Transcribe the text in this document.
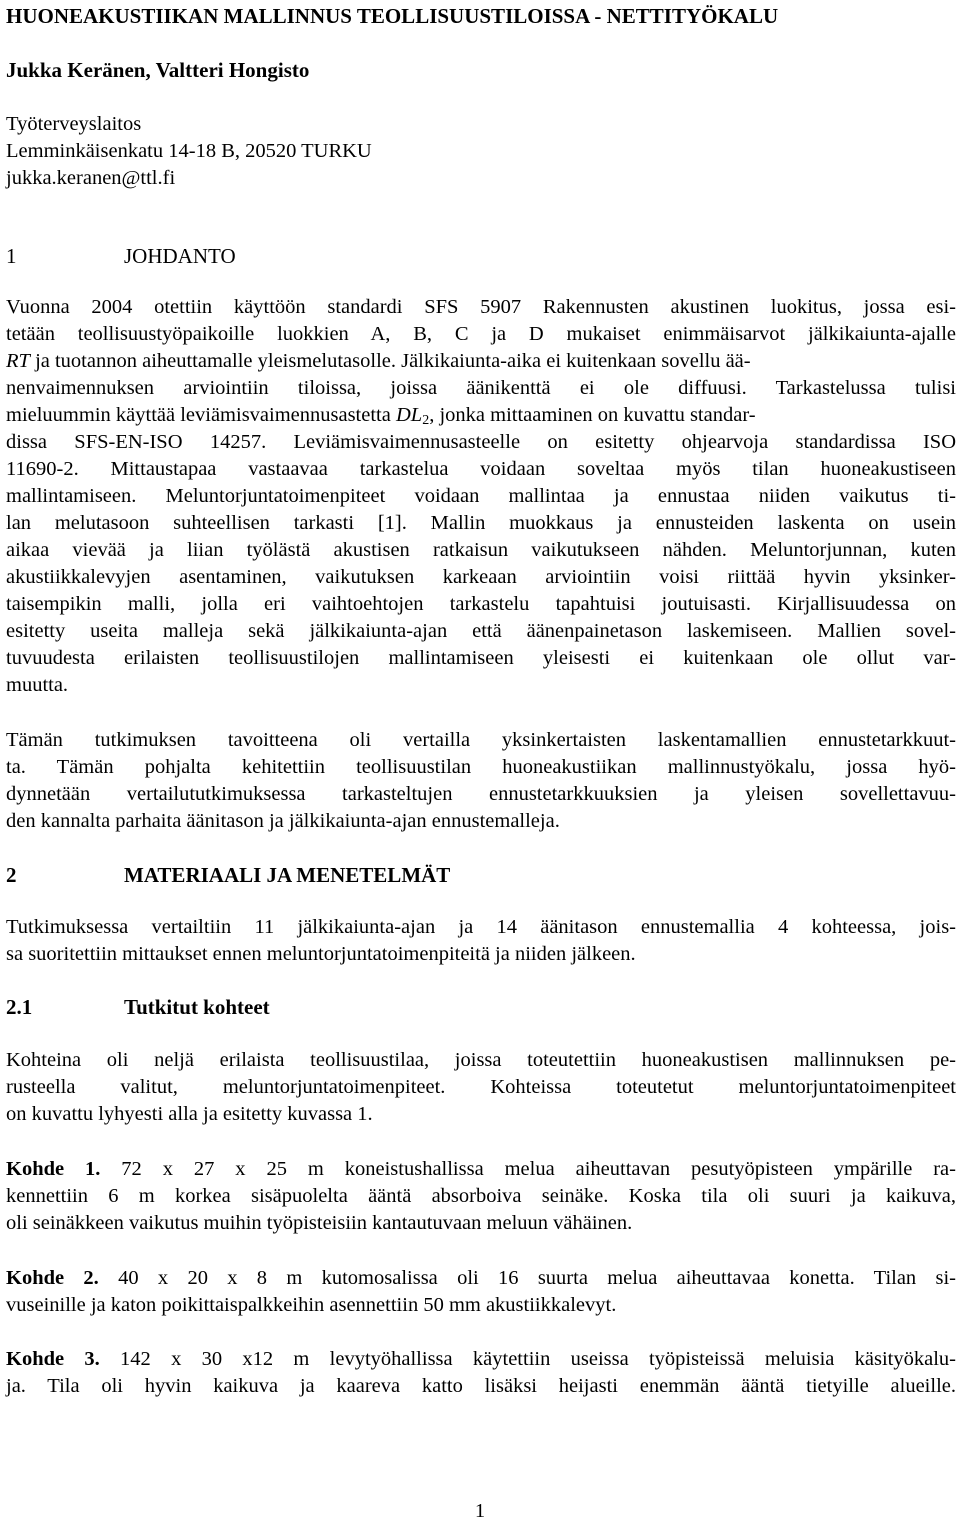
HUONEAKUSTIIKAN MALLINNUS TEOLLISUUSTILOISSA - NETTITYÖKALU
Jukka Keränen, Valtteri Hongisto
Työterveyslaitos
Lemminkäisenkatu 14-18 B, 20520 TURKU
jukka.keranen@ttl.fi
1	JOHDANTO
Vuonna 2004 otettiin käyttöön standardi SFS 5907 Rakennusten akustinen luokitus, jossa esi-
tetään teollisuustyöpaikoille luokkien A, B, C ja D mukaiset enimmäisarvot jälkikaiunta-ajalle
RT ja tuotannon aiheuttamalle yleismelutasolle. Jälkikaiunta-aika ei kuitenkaan sovellu ää-
nenvaimennuksen arviointiin tiloissa, joissa äänikenttä ei ole diffuusi. Tarkastelussa tulisi
mieluummin käyttää leviämisvaimennusastetta $DL_2$, jonka mittaaminen on kuvattu standar-
dissa SFS-EN-ISO 14257. Leviämisvaimennusasteelle on esitetty ohjearvoja standardissa ISO
11690-2. Mittaustapaa vastaavaa tarkastelua voidaan soveltaa myös tilan huoneakustiseen
mallintamiseen. Meluntorjuntatoimenpiteet voidaan mallintaa ja ennustaa niiden vaikutus ti-
lan melutasoon suhteellisen tarkasti [1]. Mallin muokkaus ja ennusteiden laskenta on usein
aikaa vievää ja liian työlästä akustisen ratkaisun vaikutukseen nähden. Meluntorjunnan, kuten
akustiikkalevyjen asentaminen, vaikutuksen karkeaan arviointiin voisi riittää hyvin yksinker-
taisempikin malli, jolla eri vaihtoehtojen tarkastelu tapahtuisi joutuisasti. Kirjallisuudessa on
esitetty useita malleja sekä jälkikaiunta-ajan että äänenpainetason laskemiseen. Mallien sovel-
tuvuudesta erilaisten teollisuustilojen mallintamiseen yleisesti ei kuitenkaan ole ollut var-
muutta.
Tämän tutkimuksen tavoitteena oli vertailla yksinkertaisten laskentamallien ennustetarkkuut-
ta. Tämän pohjalta kehitettiin teollisuustilan huoneakustiikan mallinnustyökalu, jossa hyö-
dynnetään vertailututkimuksessa tarkasteltujen ennustetarkkuuksien ja yleisen sovellettavuu-
den kannalta parhaita äänitason ja jälkikaiunta-ajan ennustemalleja.
2	MATERIAALI JA MENETELMÄT
Tutkimuksessa vertailtiin 11 jälkikaiunta-ajan ja 14 äänitason ennustemallia 4 kohteessa, jois-
sa suoritettiin mittaukset ennen meluntorjuntatoimenpiteitä ja niiden jälkeen.
2.1	Tutkitut kohteet
Kohteina oli neljä erilaista teollisuustilaa, joissa toteutettiin huoneakustisen mallinnuksen pe-
rusteella valitut, meluntorjuntatoimenpiteet. Kohteissa toteutetut meluntorjuntatoimenpiteet
on kuvattu lyhyesti alla ja esitetty kuvassa 1.
Kohde 1. 72 x 27 x 25 m koneistushallissa melua aiheuttavan pesutyöpisteen ympärille ra-
kennettiin 6 m korkea sisäpuolelta ääntä absorboiva seinäke. Koska tila oli suuri ja kaikuva,
oli seinäkkeen vaikutus muihin työpisteisiin kantautuvaan meluun vähäinen.
Kohde 2. 40 x 20 x 8 m kutomosalissa oli 16 suurta melua aiheuttavaa konetta. Tilan si-
vuseinille ja katon poikittaispalkkeihin asennettiin 50 mm akustiikkalevyt.
Kohde 3. 142 x 30 x12 m levytyöhallissa käytettiin useissa työpisteissä meluisia käsityökalu-
ja. Tila oli hyvin kaikuva ja kaareva katto lisäksi heijasti enemmän ääntä tietyille alueille.
1
